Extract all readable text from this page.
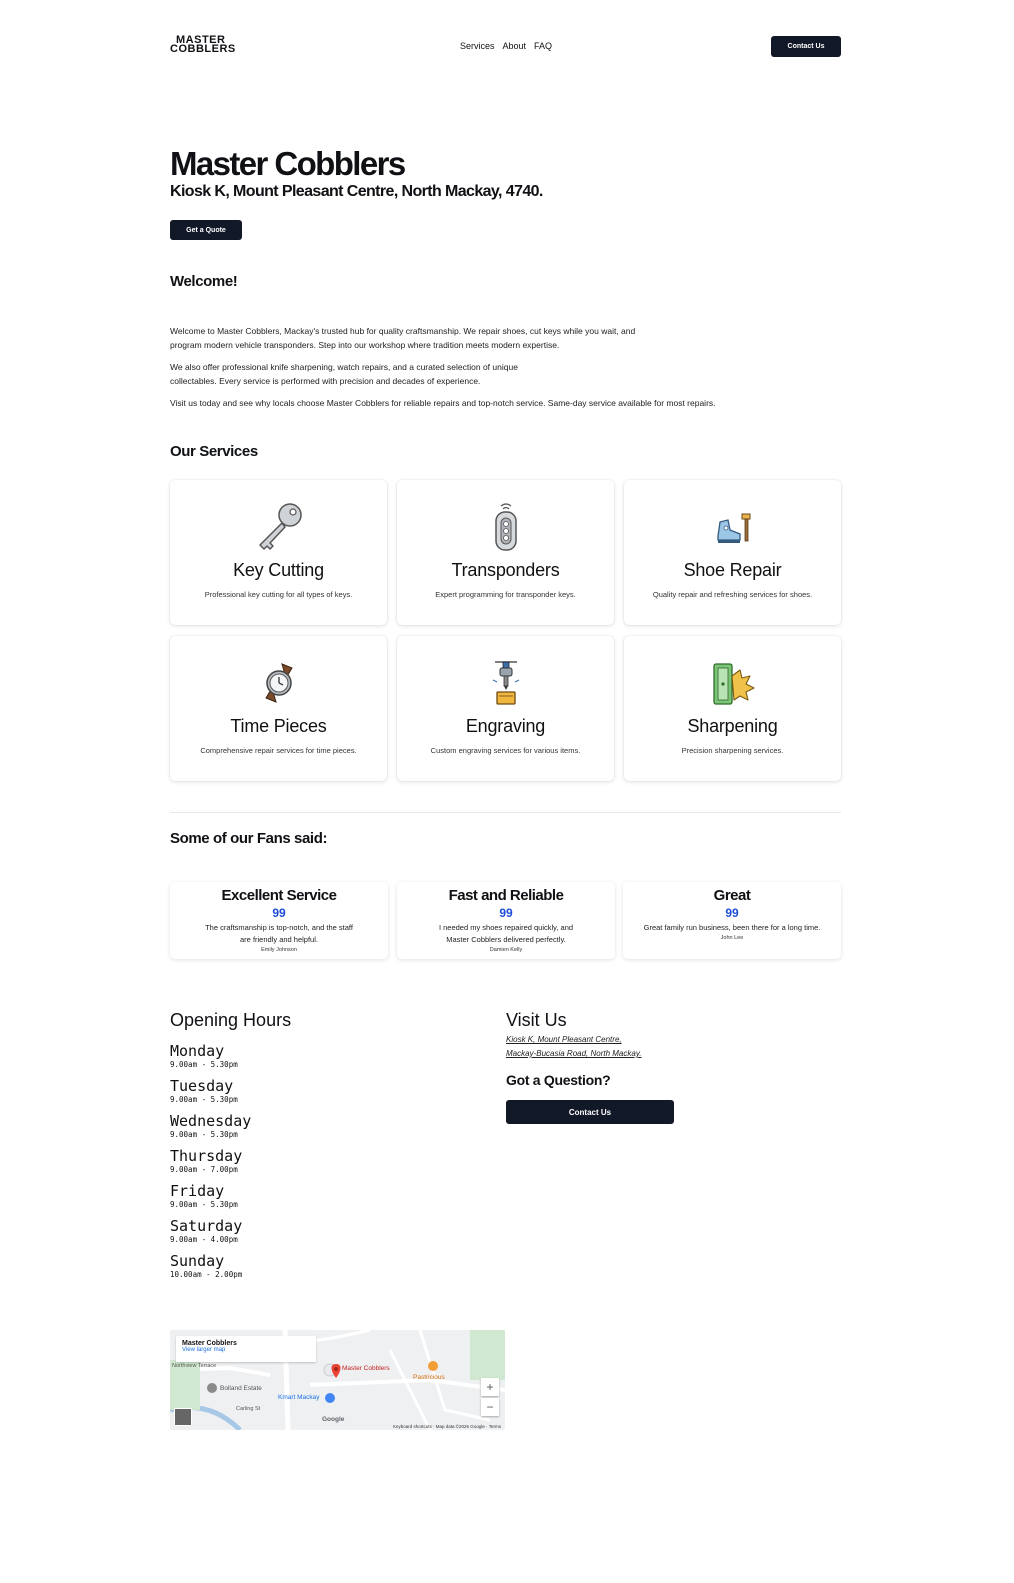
MASTER
COBBLERS	Services About FAQ	Contact Us
Master Cobblers
Kiosk K, Mount Pleasant Centre, North Mackay, 4740.
Get a Quote
Welcome!

Welcome to Master Cobblers, Mackay's trusted hub for quality craftsmanship. We repair shoes, cut keys while you wait, and program modern vehicle transponders. Step into our workshop where tradition meets modern expertise.

We also offer professional knife sharpening, watch repairs, and a curated selection of unique collectables. Every service is performed with precision and decades of experience.

Visit us today and see why locals choose Master Cobblers for reliable repairs and top-notch service. Same-day service available for most repairs.

Our Services
Key Cutting
Professional key cutting for all types of keys.
Transponders
Expert programming for transponder keys.
Shoe Repair
Quality repair and refreshing services for shoes.
Time Pieces
Comprehensive repair services for time pieces.
Engraving
Custom engraving services for various items.
Sharpening
Precision sharpening services.
Some of our Fans said:
Excellent Service
99
The craftsmanship is top-notch, and the staff are friendly and helpful.
Emily Johnson
Fast and Reliable
99
I needed my shoes repaired quickly, and Master Cobblers delivered perfectly.
Damien Kelly
Great
99
Great family run business, been there for a long time.
John Lee
Opening Hours
Monday
9.00am - 5.30pm
Tuesday
9.00am - 5.30pm
Wednesday
9.00am - 5.30pm
Thursday
9.00am - 7.00pm
Friday
9.00am - 5.30pm
Saturday
9.00am - 4.00pm
Sunday
10.00am - 2.00pm
Visit Us
Kiosk K, Mount Pleasant Centre,
Mackay-Bucasia Road, North Mackay.
Got a Question?
Contact Us
Master Cobblers
View larger map
Master Cobblers
Kmart Mackay
Pastricious
Bolland Estate
Northview Terrace
Carling St
Google
+
−
Keyboard shortcuts · Map data ©2025 Google · Terms
